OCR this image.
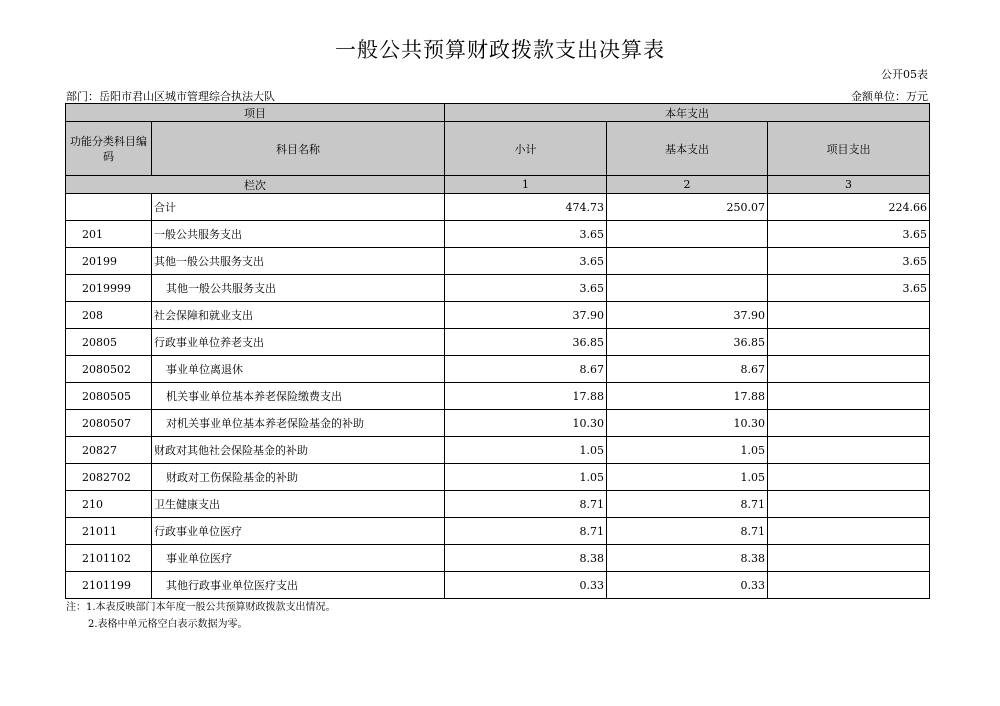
一般公共预算财政拨款支出决算表
公开05表
部门：岳阳市君山区城市管理综合执法大队	金额单位：万元
项目		本年支出		
功能分类科目编码	科目名称	小计	基本支出	项目支出
栏次		1	2	3
	合计	474.73	250.07	224.66
201	一般公共服务支出	3.65		3.65
20199	其他一般公共服务支出	3.65		3.65
2019999	其他一般公共服务支出	3.65		3.65
208	社会保障和就业支出	37.90	37.90	
20805	行政事业单位养老支出	36.85	36.85	
2080502	事业单位离退休	8.67	8.67	
2080505	机关事业单位基本养老保险缴费支出	17.88	17.88	
2080507	对机关事业单位基本养老保险基金的补助	10.30	10.30	
20827	财政对其他社会保险基金的补助	1.05	1.05	
2082702	财政对工伤保险基金的补助	1.05	1.05	
210	卫生健康支出	8.71	8.71	
21011	行政事业单位医疗	8.71	8.71	
2101102	事业单位医疗	8.38	8.38	
2101199	其他行政事业单位医疗支出	0.33	0.33	
注：1.本表反映部门本年度一般公共预算财政拨款支出情况。
2.表格中单元格空白表示数据为零。
